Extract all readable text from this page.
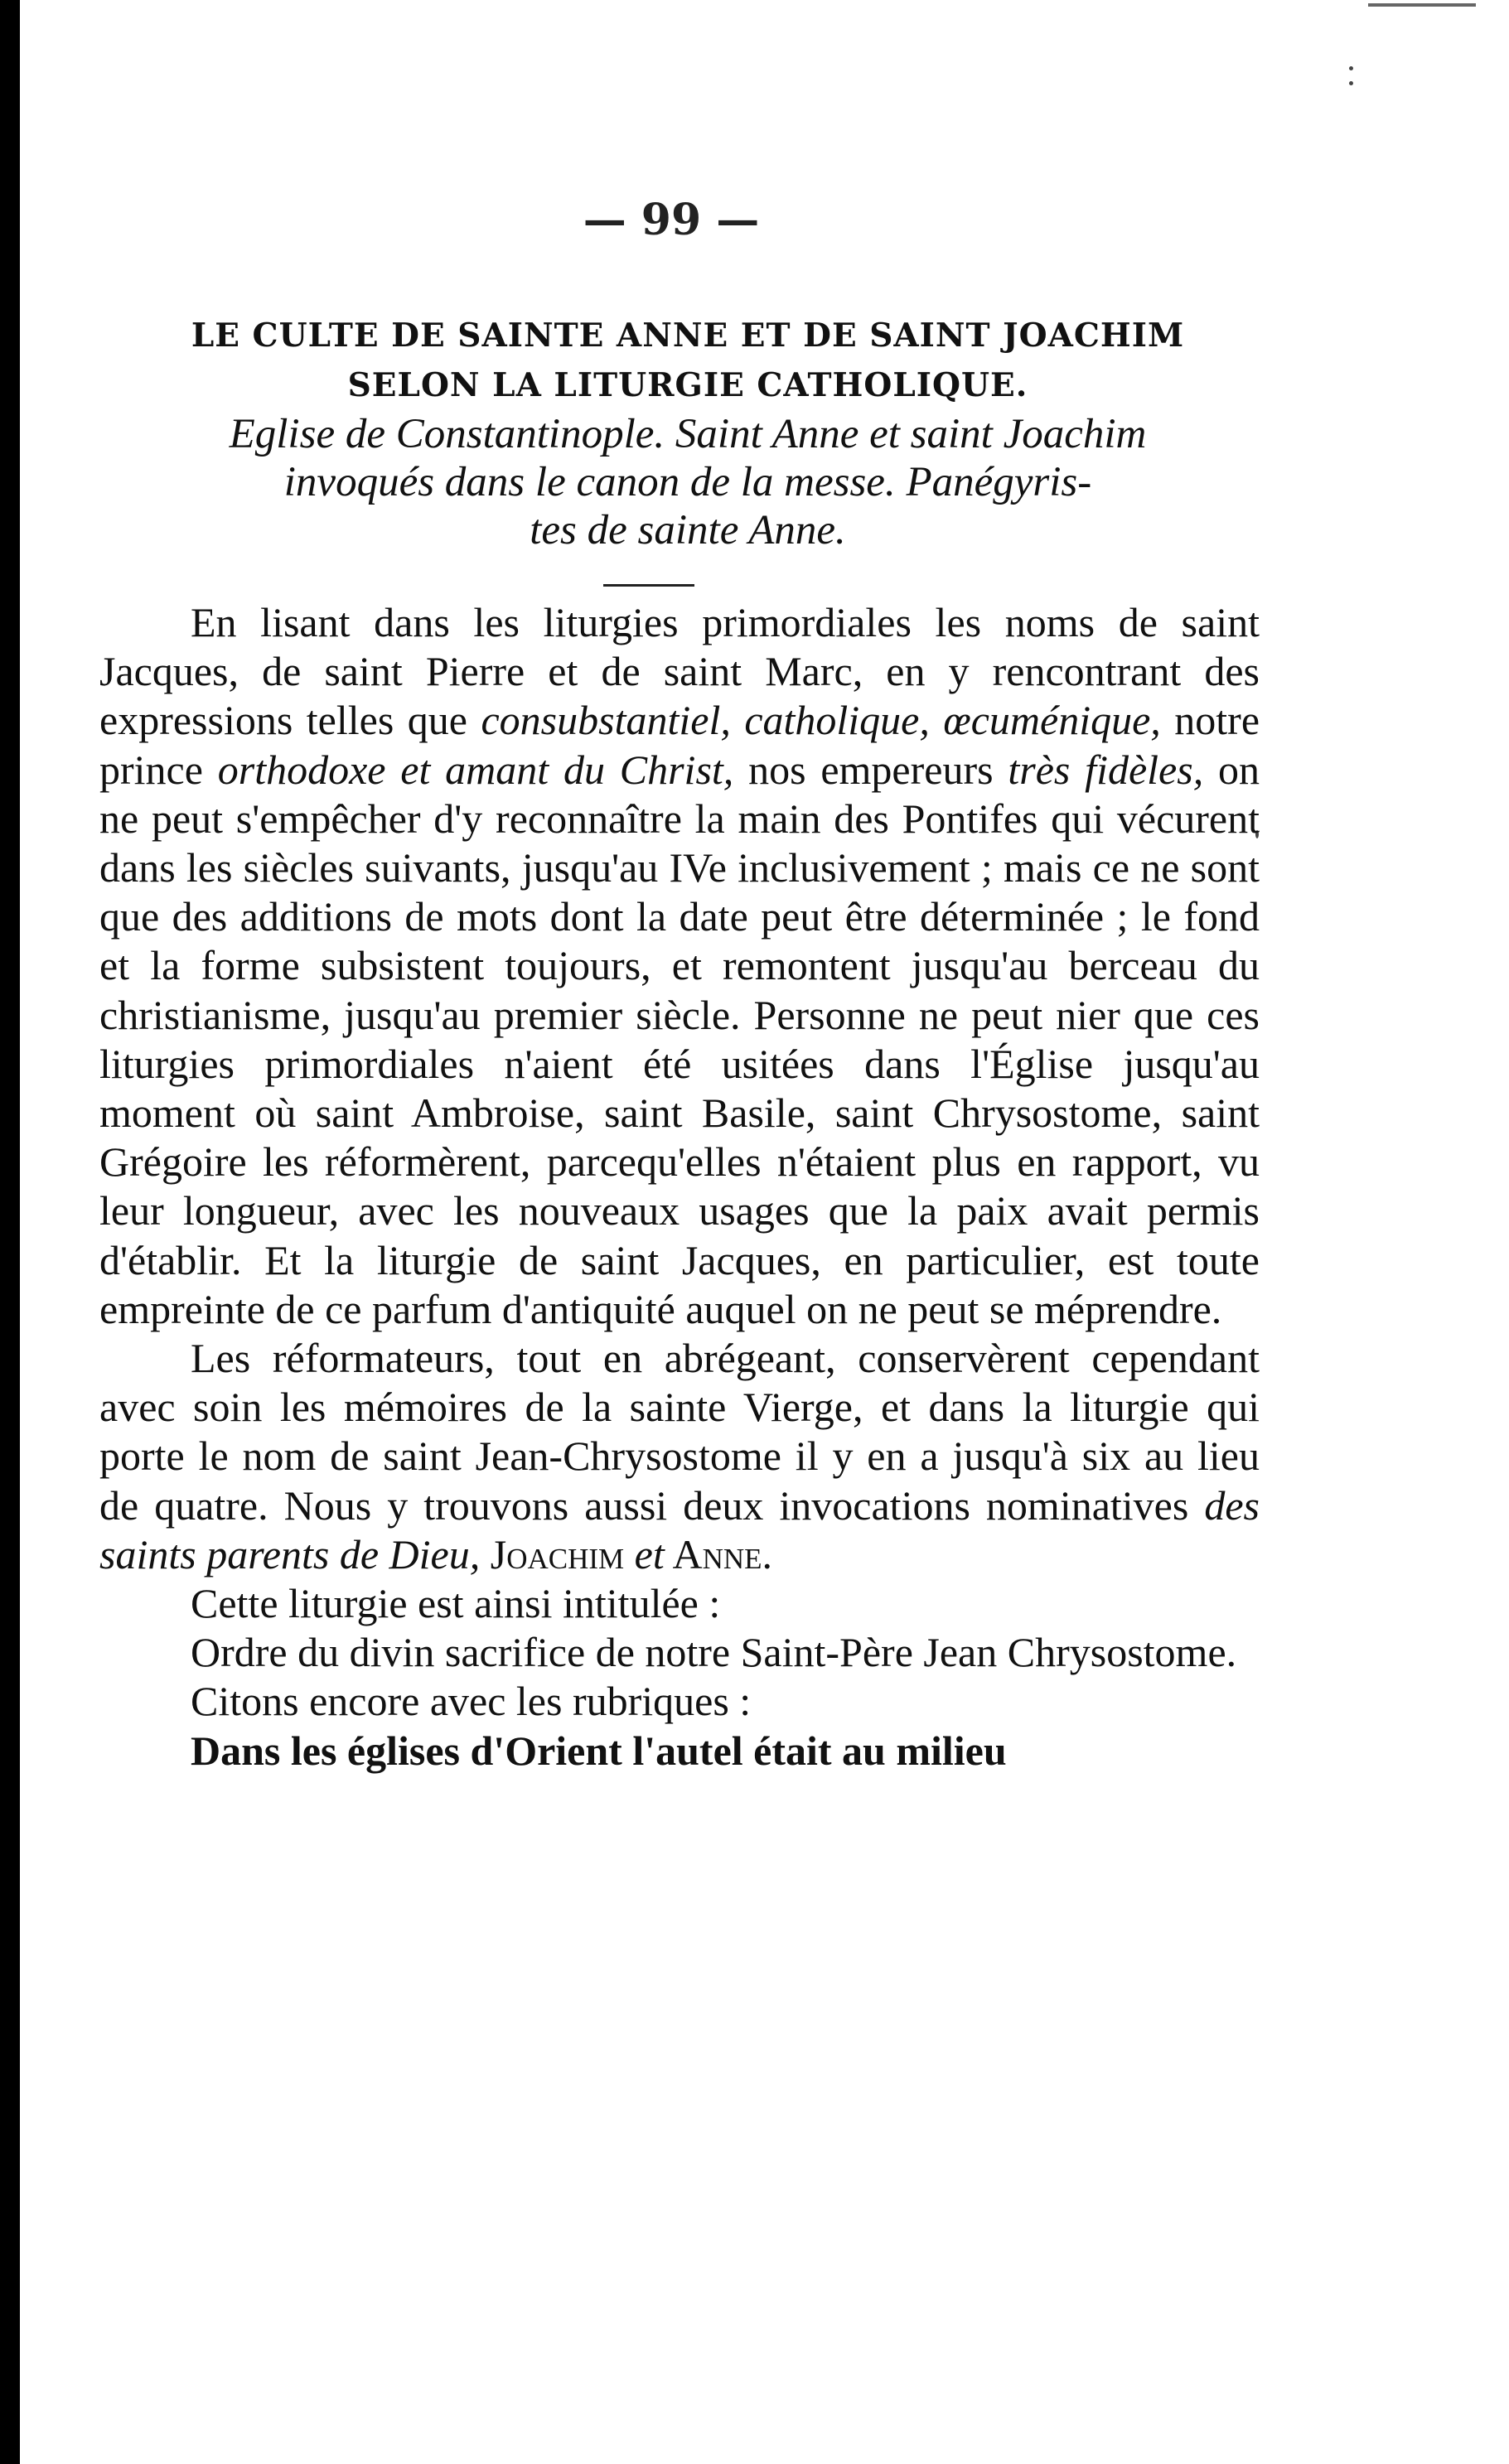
— 99 —
LE CULTE DE SAINTE ANNE ET DE SAINT JOACHIM
SELON LA LITURGIE CATHOLIQUE.
Eglise de Constantinople. Saint Anne et saint Joachim
invoqués dans le canon de la messe. Panégyris-
tes de sainte Anne.

En lisant dans les liturgies primordiales les noms de saint Jacques, de saint Pierre et de saint Marc, en y rencontrant des expressions telles que consubstantiel, catholique, œcuménique, notre prince orthodoxe et amant du Christ, nos empereurs très fidèles, on ne peut s'empêcher d'y reconnaître la main des Pontifes qui vécurent dans les siècles suivants, jusqu'au IVe inclusivement ; mais ce ne sont que des additions de mots dont la date peut être déterminée ; le fond et la forme subsistent toujours, et remontent jusqu'au berceau du christianisme, jusqu'au premier siècle. Personne ne peut nier que ces liturgies primordiales n'aient été usitées dans l'Église jusqu'au moment où saint Ambroise, saint Basile, saint Chrysostome, saint Grégoire les réformèrent, parcequ'elles n'étaient plus en rapport, vu leur longueur, avec les nouveaux usages que la paix avait permis d'établir. Et la liturgie de saint Jacques, en particulier, est toute empreinte de ce parfum d'antiquité auquel on ne peut se méprendre.

Les réformateurs, tout en abrégeant, conservèrent cependant avec soin les mémoires de la sainte Vierge, et dans la liturgie qui porte le nom de saint Jean-Chrysostome il y en a jusqu'à six au lieu de quatre. Nous y trouvons aussi deux invocations nominatives des saints parents de Dieu, Joachim et Anne.

Cette liturgie est ainsi intitulée :

Ordre du divin sacrifice de notre Saint-Père Jean Chrysostome.

Citons encore avec les rubriques :

Dans les églises d'Orient l'autel était au milieu
